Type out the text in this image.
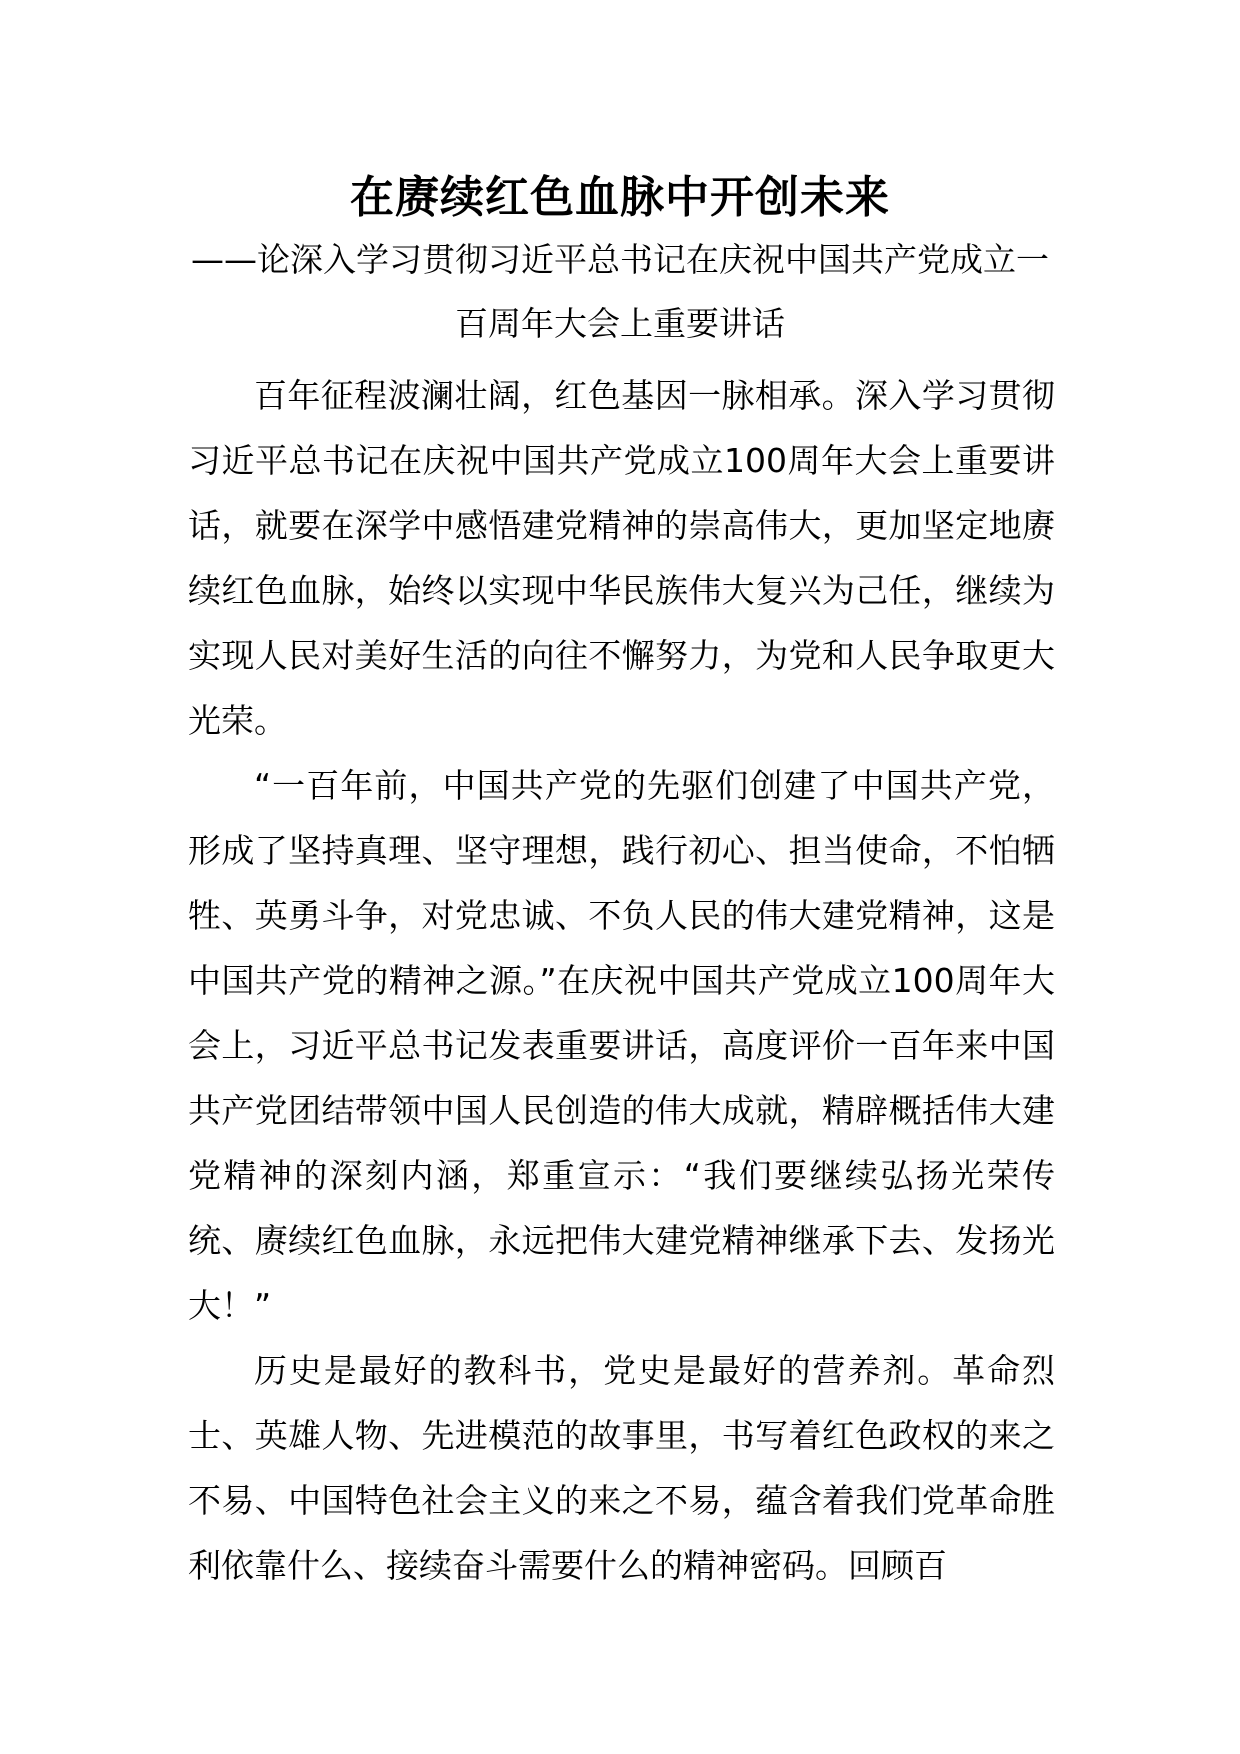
在赓续红色血脉中开创未来
——论深入学习贯彻习近平总书记在庆祝中国共产党成立一百周年大会上重要讲话

百年征程波澜壮阔，红色基因一脉相承。深入学习贯彻习近平总书记在庆祝中国共产党成立100周年大会上重要讲话，就要在深学中感悟建党精神的崇高伟大，更加坚定地赓续红色血脉，始终以实现中华民族伟大复兴为己任，继续为实现人民对美好生活的向往不懈努力，为党和人民争取更大光荣。

“一百年前，中国共产党的先驱们创建了中国共产党，形成了坚持真理、坚守理想，践行初心、担当使命，不怕牺牲、英勇斗争，对党忠诚、不负人民的伟大建党精神，这是中国共产党的精神之源。”在庆祝中国共产党成立100周年大会上，习近平总书记发表重要讲话，高度评价一百年来中国共产党团结带领中国人民创造的伟大成就，精辟概括伟大建党精神的深刻内涵，郑重宣示：“我们要继续弘扬光荣传统、赓续红色血脉，永远把伟大建党精神继承下去、发扬光大！”

历史是最好的教科书，党史是最好的营养剂。革命烈士、英雄人物、先进模范的故事里，书写着红色政权的来之不易、中国特色社会主义的来之不易，蕴含着我们党革命胜利依靠什么、接续奋斗需要什么的精神密码。回顾百
